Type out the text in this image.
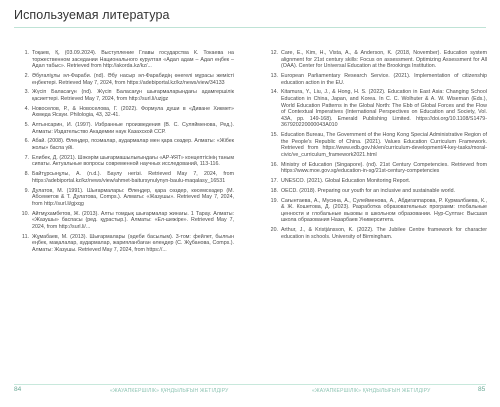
Используемая литература
1. Тоқаев, Қ. (03.09.2024). Выступление Главы государства К. Токаева на торжественном заседании Национального курултая «Адал адам – Адал еңбек – Адал табыс». Retrieved from http://akorda.kz/kz/...
2. Әбуғаліұлы әл-Фараби. (nd). Әбу насыр әл-Фарабидің өнегелі мұрасы жемісті еңбектері. Retrieved May 7, 2024, from https://adebiportal.kz/kz/news/view/34133
3. Жүсіп Баласағұн (nd). Жүсіп Баласағұн шығармаларындағы адамгершілік қасиеттері. Retrieved May 7, 2024, from http://surl.li/uzjgz
4. Новоселов, Р., & Новоселова, Г. (2022). Формула души в «Диване Хикмет» Ахмеда Ясауи. Philologia, 43, 32-41.
5. Алтынсарин, И. (1997). Избранные произведения (В. С. Суляйменова, Ред.). Алматы: Издательство Академии наук Казахской ССР.
6. Абай. (2008). Өлеңдер, поэмалар, аудармалар мен қара сөздер. Алматы: «Жібек жолы» баспа үйі.
7. Елибек, Д. (2021). Шәкәрім шығармашылығындағы «АР-ҰЯТ» концептісінің таным сипаты. Актуальные вопросы современной научных исследований, 113-116.
8. Байтұрсынұлы, А. (n.d.). Баулу негізі. Retrieved May 7, 2024, from https://adebiportal.kz/kz/news/view/ahmet-baitursynulynyn-baulu-maqalasy_16531
9. Дулатов, М. (1991). Шығармалары: Өлеңдер, қара сөздер, көсемсөздер (М. Абсеметов & Т. Дулатова, Comps.). Алматы: «Жазушы». Retrieved May 7, 2024, from http://surl.li/gjxqg
10. Айтмұхамбетов, Ж. (2013). Алты томдық шығармалар жинағы. 1 Тарау. Алматы: «Жазушы» баспасы (ред. құрастыр.). Алматы: «Ел-шежіре». Retrieved May 7, 2024, from http://surl.li/...
11. Жұмабаев, М. (2013). Шығармалары (әдеби басылым). 3-том: фейлет, былғын еңбек, мақалалар, аудармалар, жарияланбаған өлеңдер (С. Жұбанова, Comps.). Алматы: Жазушы. Retrieved May 7, 2024, from https://...
12. Care, E., Kim, H., Vista, A., & Anderson, K. (2018, November). Education system alignment for 21st century skills: Focus on assessment. Optimizing Assessment for All (OAA). Center for Universal Education at the Brookings Institution.
13. European Parliamentary Research Service. (2021). Implementation of citizenship education action in the EU.
14. Kitamura, Y., Liu, J., & Hong, H. S. (2022). Education in East Asia: Changing School Education in China, Japan, and Korea. In C. C. Wolhuter & A. W. Wiseman (Eds.), World Education Patterns in the Global North: The Ebb of Global Forces and the Flow of Contextual Imperatives (International Perspectives on Education and Society, Vol. 43A, pp. 149-168). Emerald Publishing Limited. https://doi.org/10.1108/S1479-367920220000043A010
15. Education Bureau, The Government of the Hong Kong Special Administrative Region of the People's Republic of China. (2021). Values Education Curriculum Framework. Retrieved from https://www.edb.gov.hk/en/curriculum-development/4-key-tasks/moral-civic/ve_curriculum_framework2021.html
16. Ministry of Education (Singapore). (nd). 21st Century Competencies. Retrieved from https://www.moe.gov.sg/education-in-sg/21st-century-competencies
17. UNESCO. (2021). Global Education Monitoring Report.
18. OECD. (2018). Preparing our youth for an inclusive and sustainable world.
19. Сағынтаева, А., Мусина, А., Сулейменова, А., Абдигаппарова, Р. Курмалбаева, К., & Ж. Кошетова, Д. (2023). Разработка образовательных программ: глобальные ценности и глобальные вызовы в школьном образовании. Нур-Султан: Высшая школа образования Назарбаев Университета.
20. Arthur, J., & Kristjánsson, K. (2022). The Jubilee Centre framework for character education in schools. University of Birmingham.
84	«ЖАУАПКЕРШІЛІК» ҚҰНДЫЛЫҒЫН ЖЕТІЛДІРУ	«ЖАУАПКЕРШІЛІК» ҚҰНДЫЛЫҒЫН ЖЕТІЛДІРУ	85
